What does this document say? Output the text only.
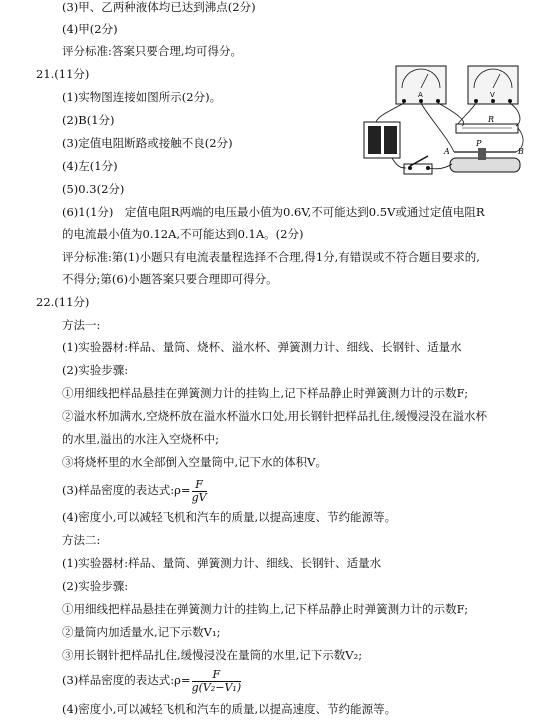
(3)甲、乙两种液体均已达到沸点(2分)
(4)甲(2分)
评分标准:答案只要合理,均可得分。
21.(11分)
(1)实物图连接如图所示(2分)。
(2)B(1分)
(3)定值电阻断路或接触不良(2分)
(4)左(1分)
(5)0.3(2分)
(6)1(1分)　定值电阻R两端的电压最小值为0.6V,不可能达到0.5V或通过定值电阻R
的电流最小值为0.12A,不可能达到0.1A。(2分)
评分标准:第(1)小题只有电流表量程选择不合理,得1分,有错误或不符合题目要求的,
不得分;第(6)小题答案只要合理即可得分。
A	V
R
P
A	B
22.(11分)
方法一:
(1)实验器材:样品、量筒、烧杯、溢水杯、弹簧测力计、细线、长钢针、适量水
(2)实验步骤:
①用细线把样品悬挂在弹簧测力计的挂钩上,记下样品静止时弹簧测力计的示数F;
②溢水杯加满水,空烧杯放在溢水杯溢水口处,用长钢针把样品扎住,缓慢浸没在溢水杯
的水里,溢出的水注入空烧杯中;
③将烧杯里的水全部倒入空量筒中,记下水的体积V。
(3)样品密度的表达式:ρ= $\frac{F}{gV}$
(4)密度小,可以减轻飞机和汽车的质量,以提高速度、节约能源等。
方法二:
(1)实验器材:样品、量筒、弹簧测力计、细线、长钢针、适量水
(2)实验步骤:
①用细线把样品悬挂在弹簧测力计的挂钩上,记下样品静止时弹簧测力计的示数F;
②量筒内加适量水,记下示数V₁;
③用长钢针把样品扎住,缓慢浸没在量筒的水里,记下示数V₂;
(3)样品密度的表达式:ρ= $\frac{F}{\text{g(V₂−V₁)}}$
(4)密度小,可以减轻飞机和汽车的质量,以提高速度、节约能源等。
